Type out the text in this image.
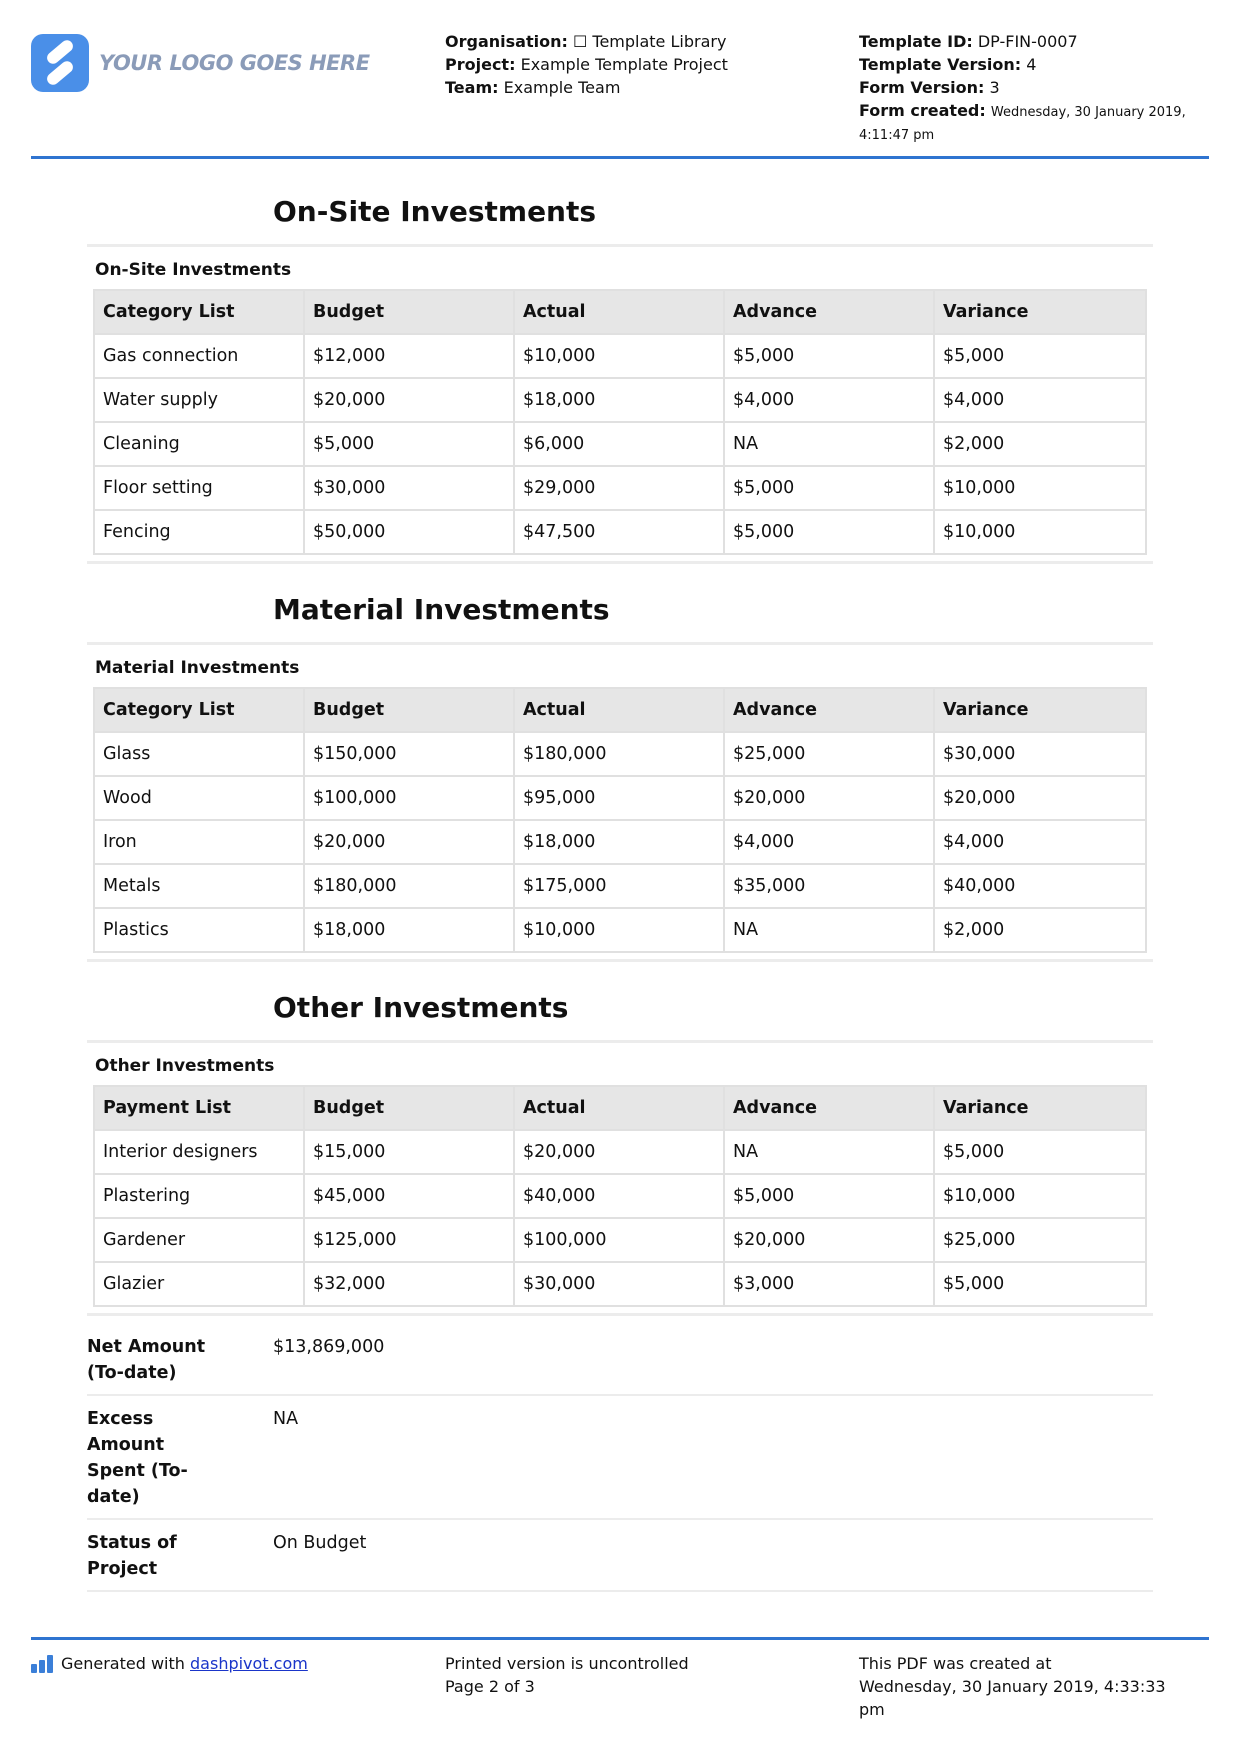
YOUR LOGO GOES HERE
Organisation: ☐ Template Library
Project: Example Template Project
Team: Example Team
Template ID: DP-FIN-0007
Template Version: 4
Form Version: 3
Form created: Wednesday, 30 January 2019,
4:11:47 pm
On-Site Investments
On-Site Investments
Category List	Budget	Actual	Advance	Variance
Gas connection	$12,000	$10,000	$5,000	$5,000
Water supply	$20,000	$18,000	$4,000	$4,000
Cleaning	$5,000	$6,000	NA	$2,000
Floor setting	$30,000	$29,000	$5,000	$10,000
Fencing	$50,000	$47,500	$5,000	$10,000
Material Investments
Material Investments
Category List	Budget	Actual	Advance	Variance
Glass	$150,000	$180,000	$25,000	$30,000
Wood	$100,000	$95,000	$20,000	$20,000
Iron	$20,000	$18,000	$4,000	$4,000
Metals	$180,000	$175,000	$35,000	$40,000
Plastics	$18,000	$10,000	NA	$2,000
Other Investments
Other Investments
Payment List	Budget	Actual	Advance	Variance
Interior designers	$15,000	$20,000	NA	$5,000
Plastering	$45,000	$40,000	$5,000	$10,000
Gardener	$125,000	$100,000	$20,000	$25,000
Glazier	$32,000	$30,000	$3,000	$5,000
Net Amount
(To-date)
$13,869,000
Excess
Amount
Spent (To-
date)
NA
Status of
Project
On Budget
Generated with
dashpivot.com	Printed version is uncontrolled
Page 2 of 3
This PDF was created at
Wednesday, 30 January 2019, 4:33:33
pm
